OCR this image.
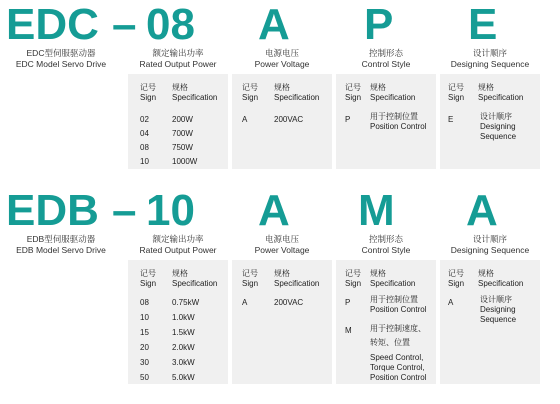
EDC – 08 A P E
EDC型伺服驱动器
EDC Model Servo Drive
额定输出功率
Rated Output Power
电源电压
Power Voltage
控制形态
Control Style
设计顺序
Designing Sequence
记号
Sign
规格
Specification
02	200W
04	700W
08	750W
10	1000W
记号
Sign
规格
Specification
A	200VAC
记号
Sign
规格
Specification
P 用于控制位置
Position Control
记号
Sign
规格
Specification
E	设计顺序
Designing Sequence
EDB – 10 A M A
EDB型伺服驱动器
EDB Model Servo Drive
额定输出功率
Rated Output Power
电源电压
Power Voltage
控制形态
Control Style
设计顺序
Designing Sequence
记号
Sign
规格
Specification
08	0.75kW
10	1.0kW
15	1.5kW
20	2.0kW
30	3.0kW
50	5.0kW
记号
Sign
规格
Specification
A	200VAC
记号
Sign
规格
Specification
P 用于控制位置
Position Control
M 用于控制速度、
转矩、位置
Speed Control, Torque Control, Position Control
记号
Sign
规格
Specification
A	设计顺序
Designing Sequence
